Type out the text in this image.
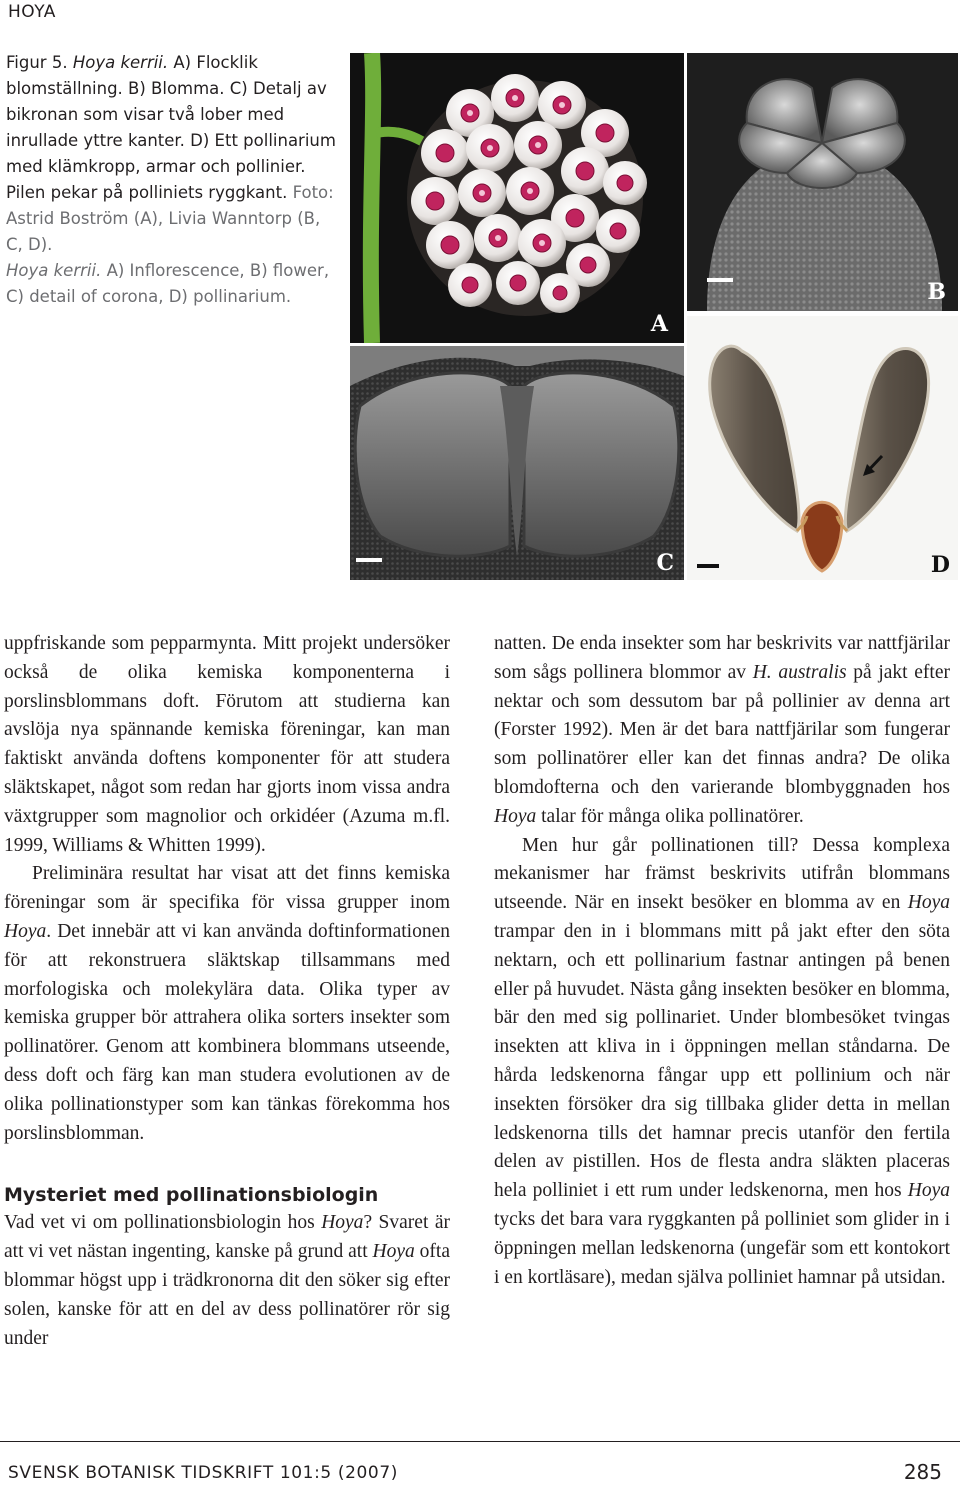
HOYA

Figur 5. Hoya kerrii. A) Flocklik blomställning. B) Blomma. C) Detalj av bikronan som visar två lober med inrullade yttre kanter. D) Ett pollinarium med klämkropp, armar och pollinier. Pilen pekar på polliniets ryggkant. Foto: Astrid Boström (A), Livia Wanntorp (B, C, D).

Hoya kerrii. A) Inflorescence, B) flower, C) detail of corona, D) pollinarium.

A
B
C	D

uppfriskande som pepparmynta. Mitt projekt undersöker också de olika kemiska komponenterna i porslinsblommans doft. Förutom att studierna kan avslöja nya spännande kemiska föreningar, kan man faktiskt använda doftens komponenter för att studera släktskapet, något som redan har gjorts inom vissa andra växtgrupper som magnolior och orkidéer (Azuma m.fl. 1999, Williams & Whitten 1999).

Preliminära resultat har visat att det finns kemiska föreningar som är specifika för vissa grupper inom Hoya. Det innebär att vi kan använda doftinformationen för att rekonstruera släktskap tillsammans med morfologiska och molekylära data. Olika typer av kemiska grupper bör attrahera olika sorters insekter som pollinatörer. Genom att kombinera blommans utseende, dess doft och färg kan man studera evolutionen av de olika pollinationstyper som kan tänkas förekomma hos porslinsblomman.

Mysteriet med pollinationsbiologin

Vad vet vi om pollinationsbiologin hos Hoya? Svaret är att vi vet nästan ingenting, kanske på grund att Hoya ofta blommar högst upp i trädkronorna dit den söker sig efter solen, kanske för att en del av dess pollinatörer rör sig under

natten. De enda insekter som har beskrivits var nattfjärilar som sågs pollinera blommor av H. australis på jakt efter nektar och som dessutom bar på pollinier av denna art (Forster 1992). Men är det bara nattfjärilar som fungerar som pollinatörer eller kan det finnas andra? De olika blomdofterna och den varierande blombyggnaden hos Hoya talar för många olika pollinatörer.

Men hur går pollinationen till? Dessa komplexa mekanismer har främst beskrivits utifrån blommans utseende. När en insekt besöker en blomma av en Hoya trampar den in i blommans mitt på jakt efter den söta nektarn, och ett pollinarium fastnar antingen på benen eller på huvudet. Nästa gång insekten besöker en blomma, bär den med sig pollinariet. Under blombesöket tvingas insekten att kliva in i öppningen mellan ståndarna. De hårda ledskenorna fångar upp ett pollinium och när insekten försöker dra sig tillbaka glider detta in mellan ledskenorna tills det hamnar precis utanför den fertila delen av pistillen. Hos de flesta andra släkten placeras hela polliniet i ett rum under ledskenorna, men hos Hoya tycks det bara vara ryggkanten på polliniet som glider in i öppningen mellan ledskenorna (ungefär som ett kontokort i en kortläsare), medan själva polliniet hamnar på utsidan.

SVENSK BOTANISK TIDSKRIFT 101:5 (2007)	285
